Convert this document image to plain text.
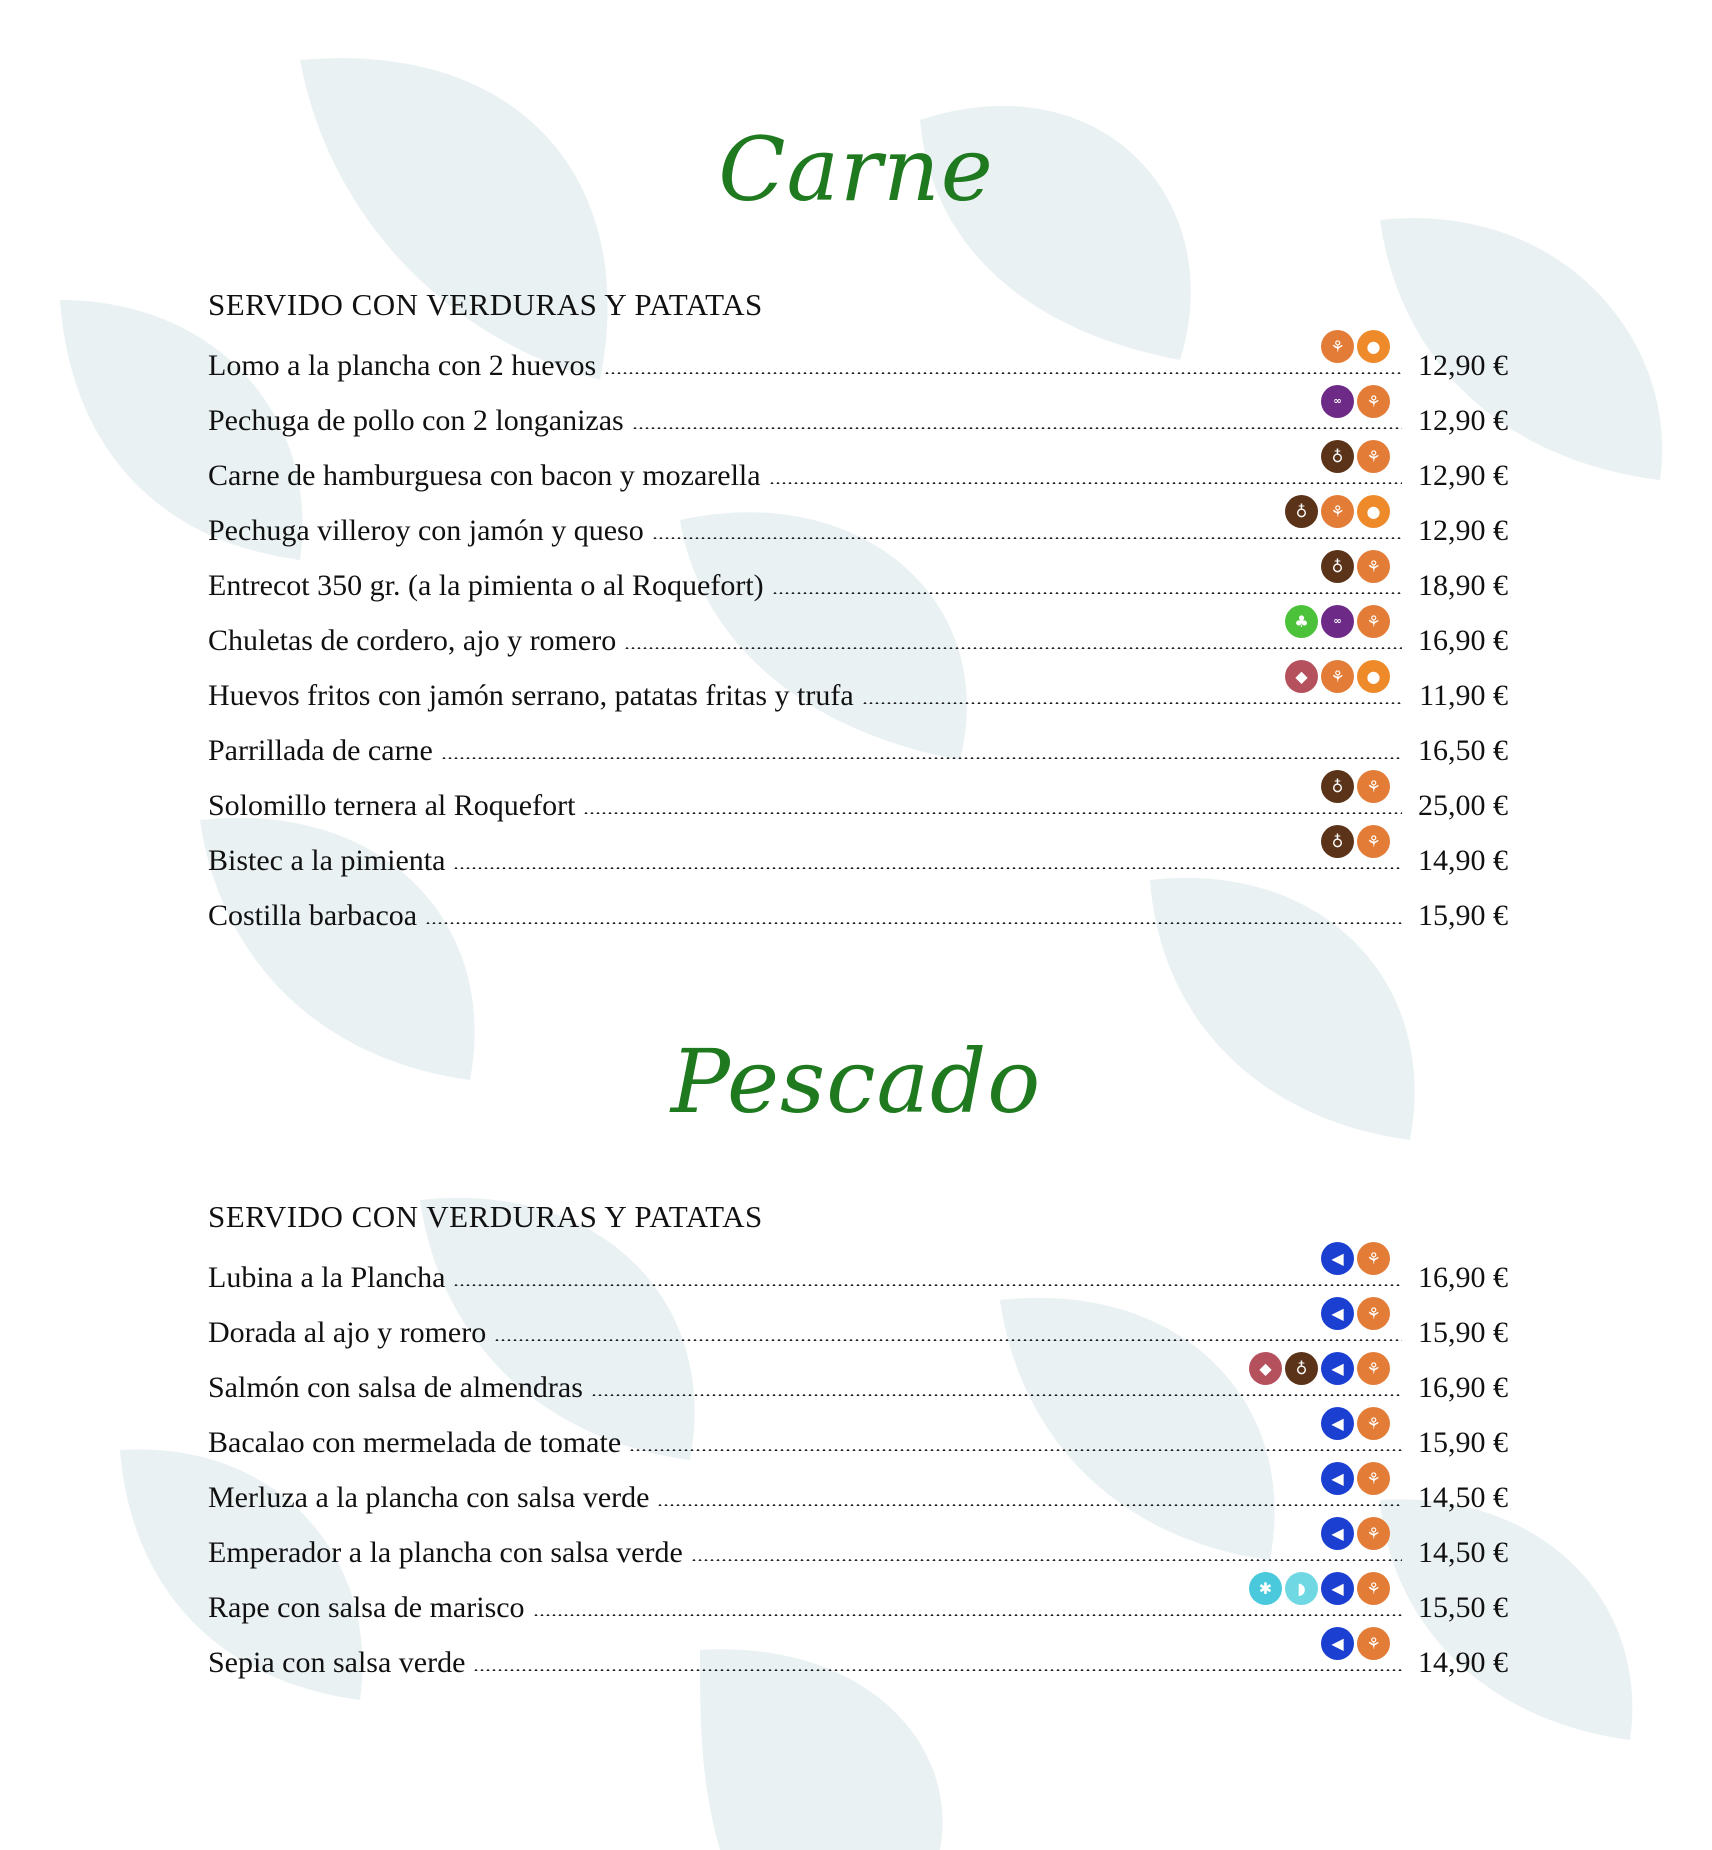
Carne

SERVIDO CON VERDURAS Y PATATAS

Lomo a la plancha con 2 huevos	12,90 €
⚘	●
Pechuga de pollo con 2 longanizas	12,90 €
∞	⚘
Carne de hamburguesa con bacon y mozarella	12,90 €
♁	⚘
Pechuga villeroy con jamón y queso	12,90 €
♁	⚘	●
Entrecot 350 gr. (a la pimienta o al Roquefort)	18,90 €
♁	⚘
Chuletas de cordero, ajo y romero	16,90 €
♣	∞	⚘
Huevos fritos con jamón serrano, patatas fritas y trufa	11,90 €
◆	⚘	●
Parrillada de carne	16,50 €
Solomillo ternera al Roquefort	25,00 €
♁	⚘
Bistec a la pimienta	14,90 €
♁	⚘
Costilla barbacoa	15,90 €
Pescado

SERVIDO CON VERDURAS Y PATATAS

Lubina a la Plancha	16,90 €
◀	⚘
Dorada al ajo y romero	15,90 €
◀	⚘
Salmón con salsa de almendras	16,90 €
◆	♁	◀	⚘
Bacalao con mermelada de tomate	15,90 €
◀	⚘
Merluza a la plancha con salsa verde	14,50 €
◀	⚘
Emperador a la plancha con salsa verde	14,50 €
◀	⚘
Rape con salsa de marisco	15,50 €
✱	◗	◀	⚘
Sepia con salsa verde	14,90 €
◀	⚘
